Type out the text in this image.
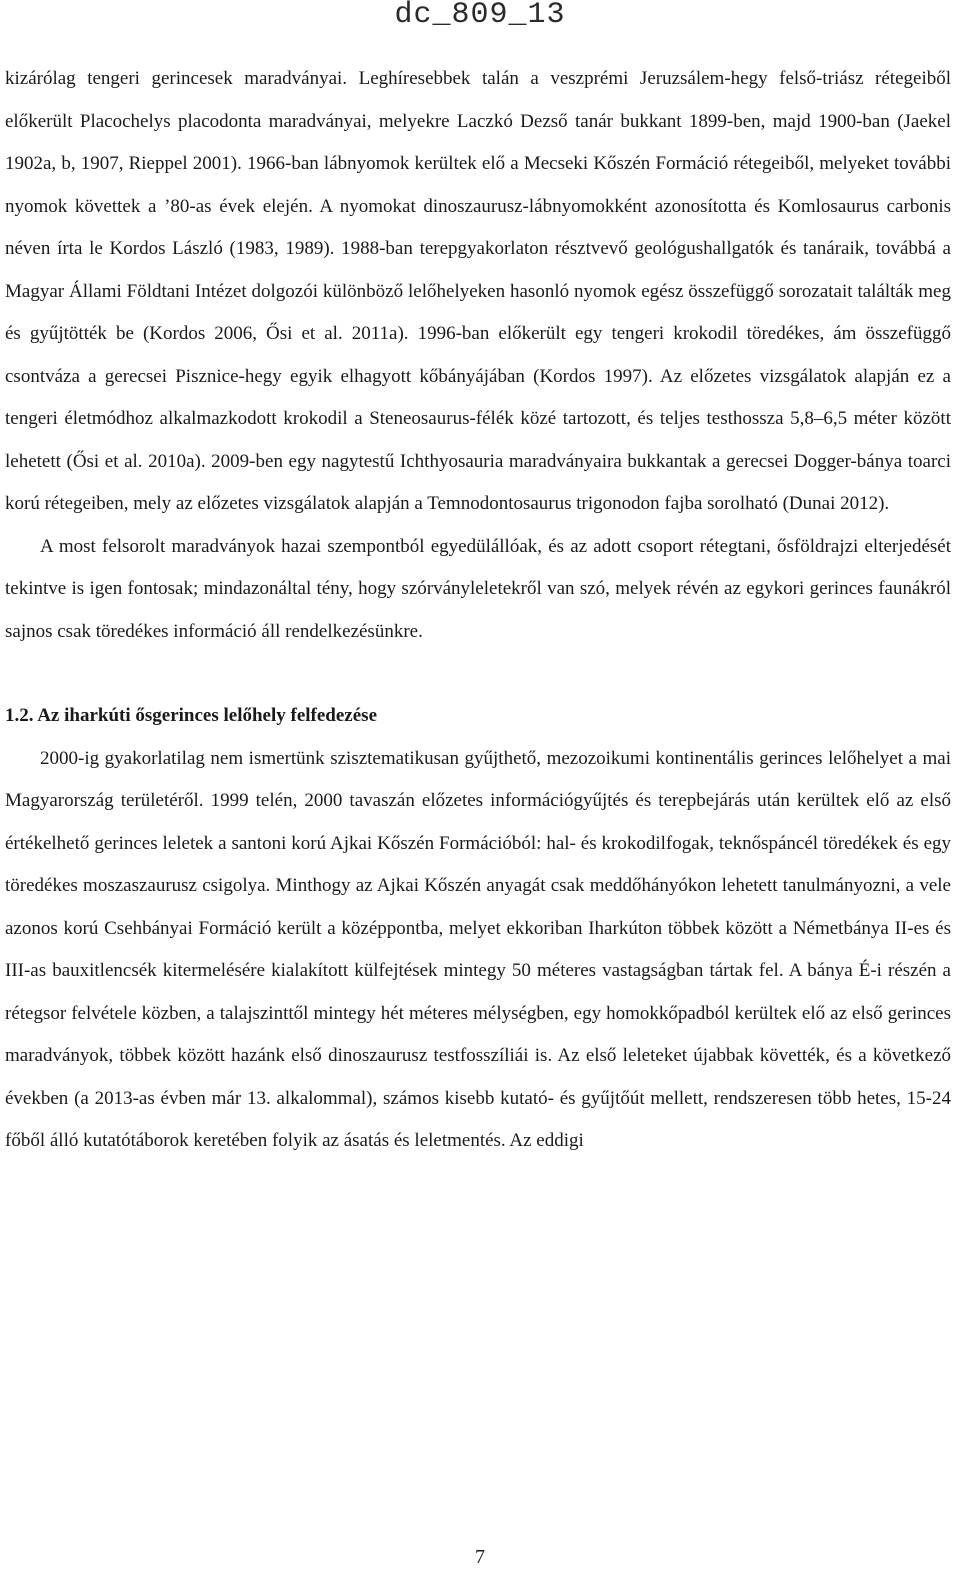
dc_809_13

kizárólag tengeri gerincesek maradványai. Leghíresebbek talán a veszprémi Jeruzsálem-hegy felső-triász rétegeiből előkerült Placochelys placodonta maradványai, melyekre Laczkó Dezső tanár bukkant 1899-ben, majd 1900-ban (Jaekel 1902a, b, 1907, Rieppel 2001). 1966-ban lábnyomok kerültek elő a Mecseki Kőszén Formáció rétegeiből, melyeket további nyomok követtek a ’80-as évek elején. A nyomokat dinoszaurusz-lábnyomokként azonosította és Komlosaurus carbonis néven írta le Kordos László (1983, 1989). 1988-ban terepgyakorlaton résztvevő geológushallgatók és tanáraik, továbbá a Magyar Állami Földtani Intézet dolgozói különböző lelőhelyeken hasonló nyomok egész összefüggő sorozatait találták meg és gyűjtötték be (Kordos 2006, Ősi et al. 2011a). 1996-ban előkerült egy tengeri krokodil töredékes, ám összefüggő csontváza a gerecsei Pisznice-hegy egyik elhagyott kőbányájában (Kordos 1997). Az előzetes vizsgálatok alapján ez a tengeri életmódhoz alkalmazkodott krokodil a Steneosaurus-félék közé tartozott, és teljes testhossza 5,8–6,5 méter között lehetett (Ősi et al. 2010a). 2009-ben egy nagytestű Ichthyosauria maradványaira bukkantak a gerecsei Dogger-bánya toarci korú rétegeiben, mely az előzetes vizsgálatok alapján a Temnodontosaurus trigonodon fajba sorolható (Dunai 2012).

A most felsorolt maradványok hazai szempontból egyedülállóak, és az adott csoport rétegtani, ősföldrajzi elterjedését tekintve is igen fontosak; mindazonáltal tény, hogy szórványleletekről van szó, melyek révén az egykori gerinces faunákról sajnos csak töredékes információ áll rendelkezésünkre.

1.2. Az iharkúti ősgerinces lelőhely felfedezése

2000-ig gyakorlatilag nem ismertünk szisztematikusan gyűjthető, mezozoikumi kontinentális gerinces lelőhelyet a mai Magyarország területéről. 1999 telén, 2000 tavaszán előzetes információgyűjtés és terepbejárás után kerültek elő az első értékelhető gerinces leletek a santoni korú Ajkai Kőszén Formációból: hal- és krokodilfogak, teknőspáncél töredékek és egy töredékes moszaszaurusz csigolya. Minthogy az Ajkai Kőszén anyagát csak meddőhányókon lehetett tanulmányozni, a vele azonos korú Csehbányai Formáció került a középpontba, melyet ekkoriban Iharkúton többek között a Németbánya II-es és III-as bauxitlencsék kitermelésére kialakított külfejtések mintegy 50 méteres vastagságban tártak fel. A bánya É-i részén a rétegsor felvétele közben, a talajszinttől mintegy hét méteres mélységben, egy homokkőpadból kerültek elő az első gerinces maradványok, többek között hazánk első dinoszaurusz testfosszíliái is. Az első leleteket újabbak követték, és a következő években (a 2013-as évben már 13. alkalommal), számos kisebb kutató- és gyűjtőút mellett, rendszeresen több hetes, 15-24 főből álló kutatótáborok keretében folyik az ásatás és leletmentés. Az eddigi

7
